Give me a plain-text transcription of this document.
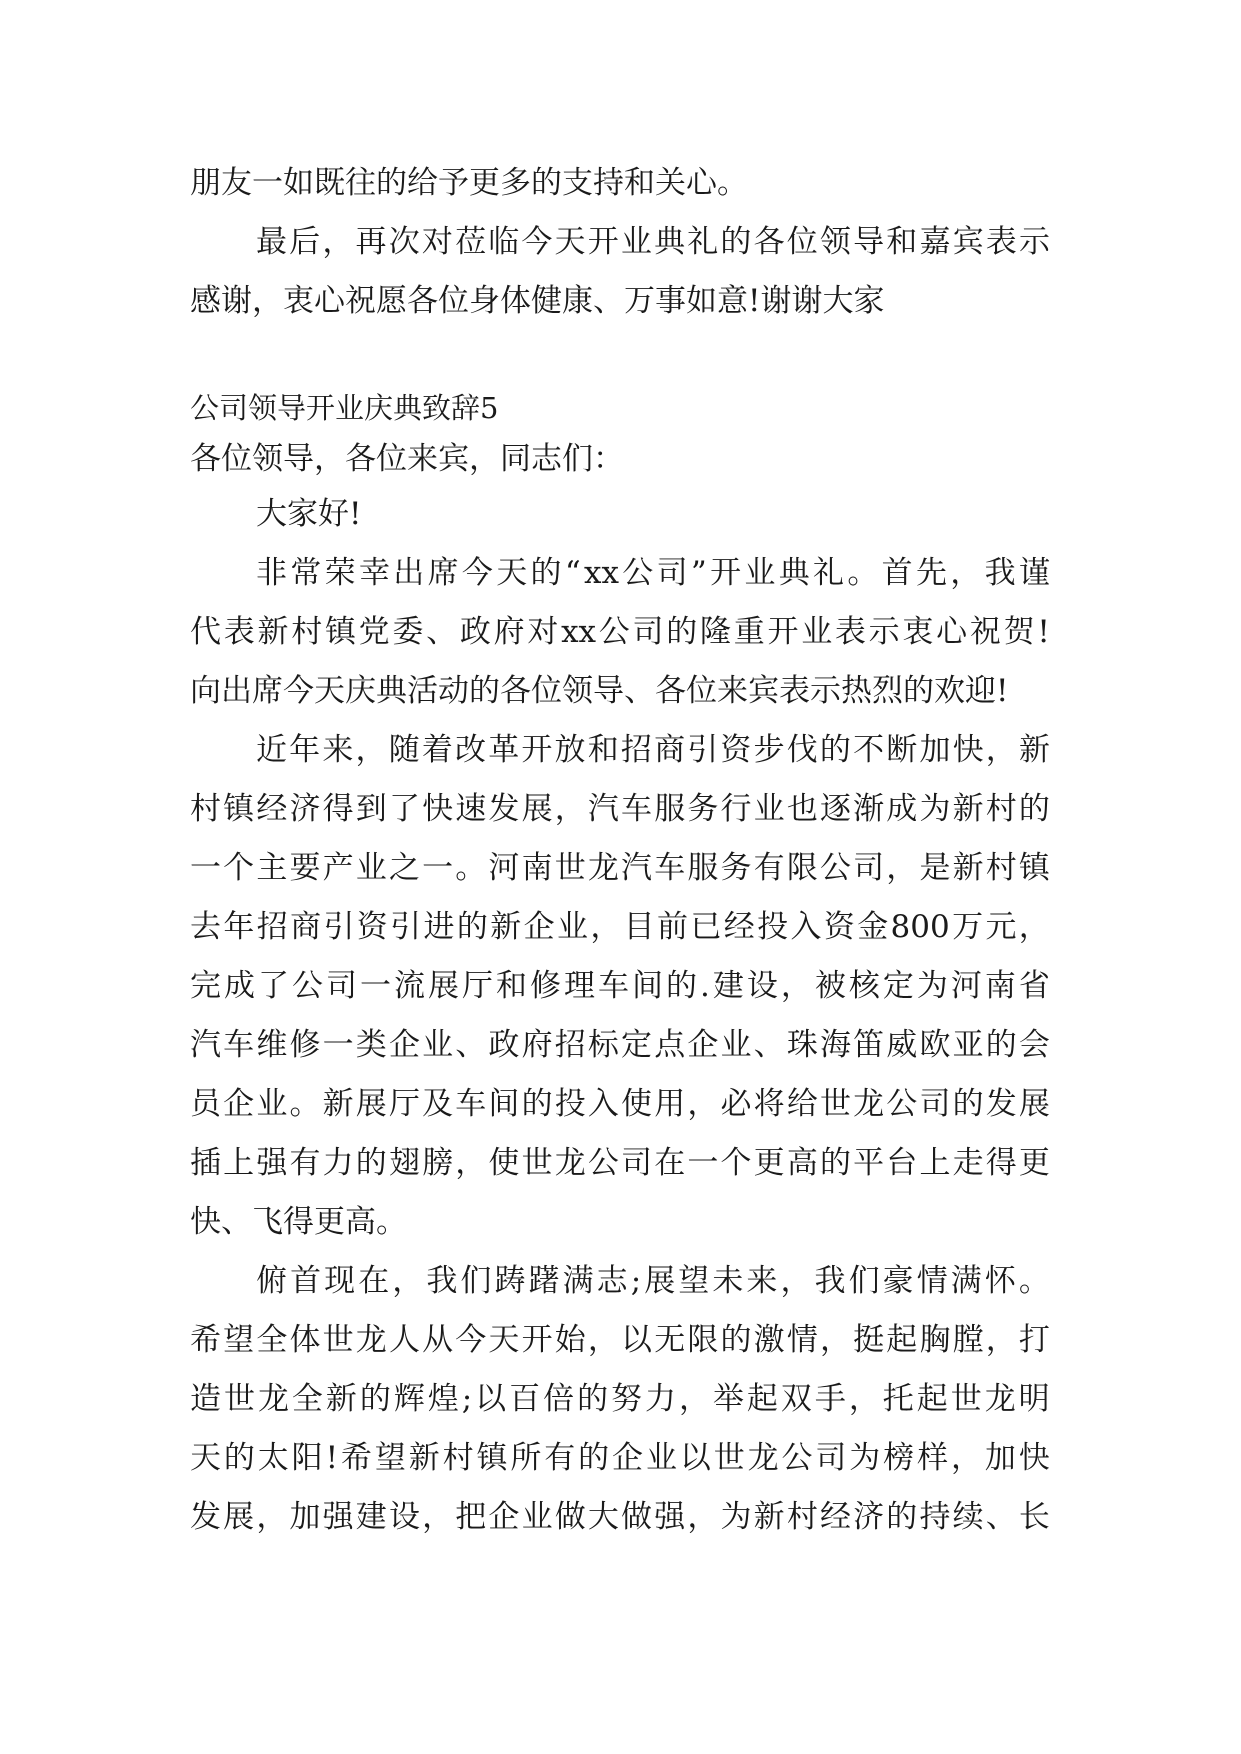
朋友一如既往的给予更多的支持和关心。
最 后 ， 再 次 对 莅 临 今 天 开 业 典 礼 的 各 位 领 导 和 嘉 宾 表 示
感谢，衷心祝愿各位身体健康、万事如意!谢谢大家
公司领导开业庆典致辞5
各位领导，各位来宾，同志们：
大家好!
非 常 荣 幸 出 席 今 天 的 “ xx 公 司 ” 开 业 典 礼 。 首 先 ， 我 谨
代 表 新 村 镇 党 委 、 政 府 对 xx 公 司 的 隆 重 开 业 表 示 衷 心 祝 贺 !
向出席今天庆典活动的各位领导、各位来宾表示热烈的欢迎!
近 年 来 ， 随 着 改 革 开 放 和 招 商 引 资 步 伐 的 不 断 加 快 ， 新
村 镇 经 济 得 到 了 快 速 发 展 ， 汽 车 服 务 行 业 也 逐 渐 成 为 新 村 的
一 个 主 要 产 业 之 一 。 河 南 世 龙 汽 车 服 务 有 限 公 司 ， 是 新 村 镇
去 年 招 商 引 资 引 进 的 新 企 业 ， 目 前 已 经 投 入 资 金 800 万 元 ，
完 成 了 公 司 一 流 展 厅 和 修 理 车 间 的 . 建 设 ， 被 核 定 为 河 南 省
汽 车 维 修 一 类 企 业 、 政 府 招 标 定 点 企 业 、 珠 海 笛 威 欧 亚 的 会
员 企 业 。 新 展 厅 及 车 间 的 投 入 使 用 ， 必 将 给 世 龙 公 司 的 发 展
插 上 强 有 力 的 翅 膀 ， 使 世 龙 公 司 在 一 个 更 高 的 平 台 上 走 得 更
快、飞得更高。
俯 首 现 在 ， 我 们 踌 躇 满 志 ; 展 望 未 来 ， 我 们 豪 情 满 怀 。
希 望 全 体 世 龙 人 从 今 天 开 始 ， 以 无 限 的 激 情 ， 挺 起 胸 膛 ， 打
造 世 龙 全 新 的 辉 煌 ; 以 百 倍 的 努 力 ， 举 起 双 手 ， 托 起 世 龙 明
天 的 太 阳 ! 希 望 新 村 镇 所 有 的 企 业 以 世 龙 公 司 为 榜 样 ， 加 快
发 展 ， 加 强 建 设 ， 把 企 业 做 大 做 强 ， 为 新 村 经 济 的 持 续 、 长
